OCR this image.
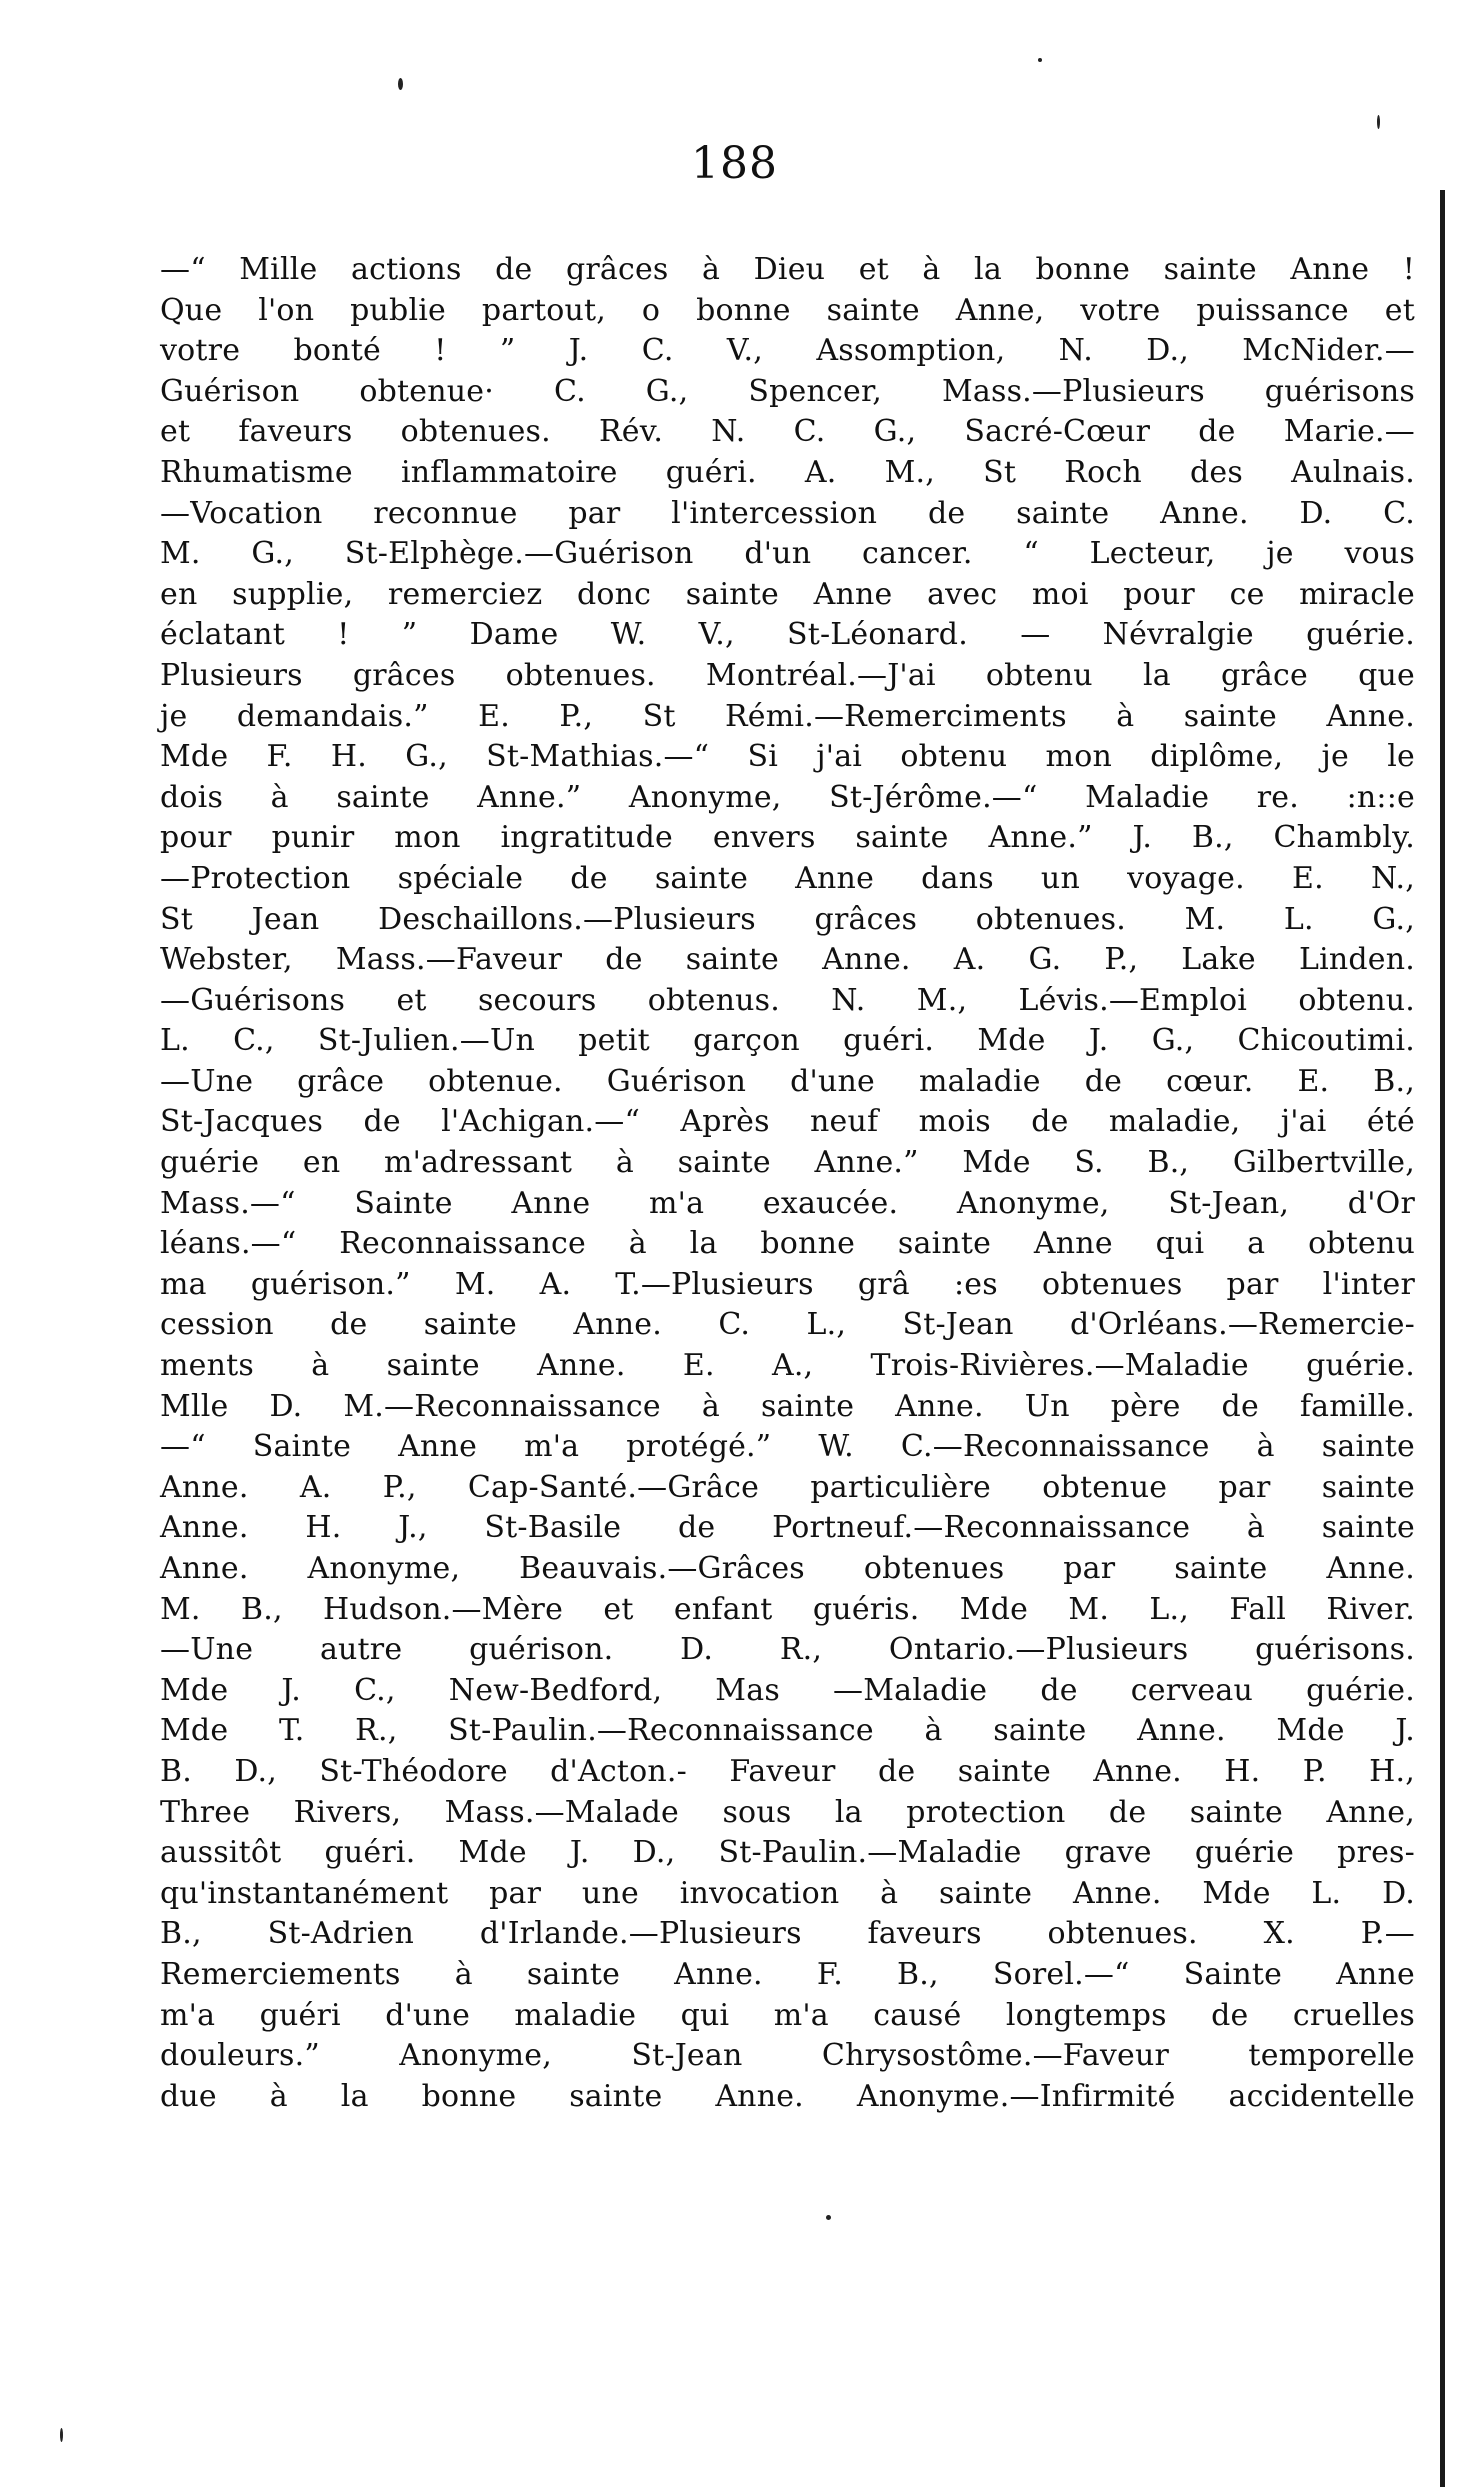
188
—“ Mille actions de grâces à Dieu et à la bonne sainte Anne !
Que l'on publie partout, o bonne sainte Anne, votre puissance et
votre bonté ! ” J. C. V., Assomption, N. D., McNider.—
Guérison obtenue· C. G., Spencer, Mass.—Plusieurs guérisons
et faveurs obtenues. Rév. N. C. G., Sacré-Cœur de Marie.—
Rhumatisme inflammatoire guéri. A. M., St Roch des Aulnais.
—Vocation reconnue par l'intercession de sainte Anne. D. C.
M. G., St-Elphège.—Guérison d'un cancer. “ Lecteur, je vous
en supplie, remerciez donc sainte Anne avec moi pour ce miracle
éclatant ! ” Dame W. V., St-Léonard. — Névralgie guérie.
Plusieurs grâces obtenues. Montréal.—J'ai obtenu la grâce que
je demandais.” E. P., St Rémi.—Remerciments à sainte Anne.
Mde F. H. G., St-Mathias.—“ Si j'ai obtenu mon diplôme, je le
dois à sainte Anne.” Anonyme, St-Jérôme.—“ Maladie re. :n::e
pour punir mon ingratitude envers sainte Anne.” J. B., Chambly.
—Protection spéciale de sainte Anne dans un voyage. E. N.,
St Jean Deschaillons.—Plusieurs grâces obtenues. M. L. G.,
Webster, Mass.—Faveur de sainte Anne. A. G. P., Lake Linden.
—Guérisons et secours obtenus. N. M., Lévis.—Emploi obtenu.
L. C., St-Julien.—Un petit garçon guéri. Mde J. G., Chicoutimi.
—Une grâce obtenue. Guérison d'une maladie de cœur. E. B.,
St-Jacques de l'Achigan.—“ Après neuf mois de maladie, j'ai été
guérie en m'adressant à sainte Anne.” Mde S. B., Gilbertville,
Mass.—“ Sainte Anne m'a exaucée. Anonyme, St-Jean, d'Or
léans.—“ Reconnaissance à la bonne sainte Anne qui a obtenu
ma guérison.” M. A. T.—Plusieurs grâ :es obtenues par l'inter
cession de sainte Anne. C. L., St-Jean d'Orléans.—Remercie-
ments à sainte Anne. E. A., Trois-Rivières.—Maladie guérie.
Mlle D. M.—Reconnaissance à sainte Anne. Un père de famille.
—“ Sainte Anne m'a protégé.” W. C.—Reconnaissance à sainte
Anne. A. P., Cap-Santé.—Grâce particulière obtenue par sainte
Anne. H. J., St-Basile de Portneuf.—Reconnaissance à sainte
Anne. Anonyme, Beauvais.—Grâces obtenues par sainte Anne.
M. B., Hudson.—Mère et enfant guéris. Mde M. L., Fall River.
—Une autre guérison. D. R., Ontario.—Plusieurs guérisons.
Mde J. C., New-Bedford, Mas —Maladie de cerveau guérie.
Mde T. R., St-Paulin.—Reconnaissance à sainte Anne. Mde J.
B. D., St-Théodore d'Acton.- Faveur de sainte Anne. H. P. H.,
Three Rivers, Mass.—Malade sous la protection de sainte Anne,
aussitôt guéri. Mde J. D., St-Paulin.—Maladie grave guérie pres-
qu'instantanément par une invocation à sainte Anne. Mde L. D.
B., St-Adrien d'Irlande.—Plusieurs faveurs obtenues. X. P.—
Remerciements à sainte Anne. F. B., Sorel.—“ Sainte Anne
m'a guéri d'une maladie qui m'a causé longtemps de cruelles
douleurs.” Anonyme, St-Jean Chrysostôme.—Faveur temporelle
due à la bonne sainte Anne. Anonyme.—Infirmité accidentelle
